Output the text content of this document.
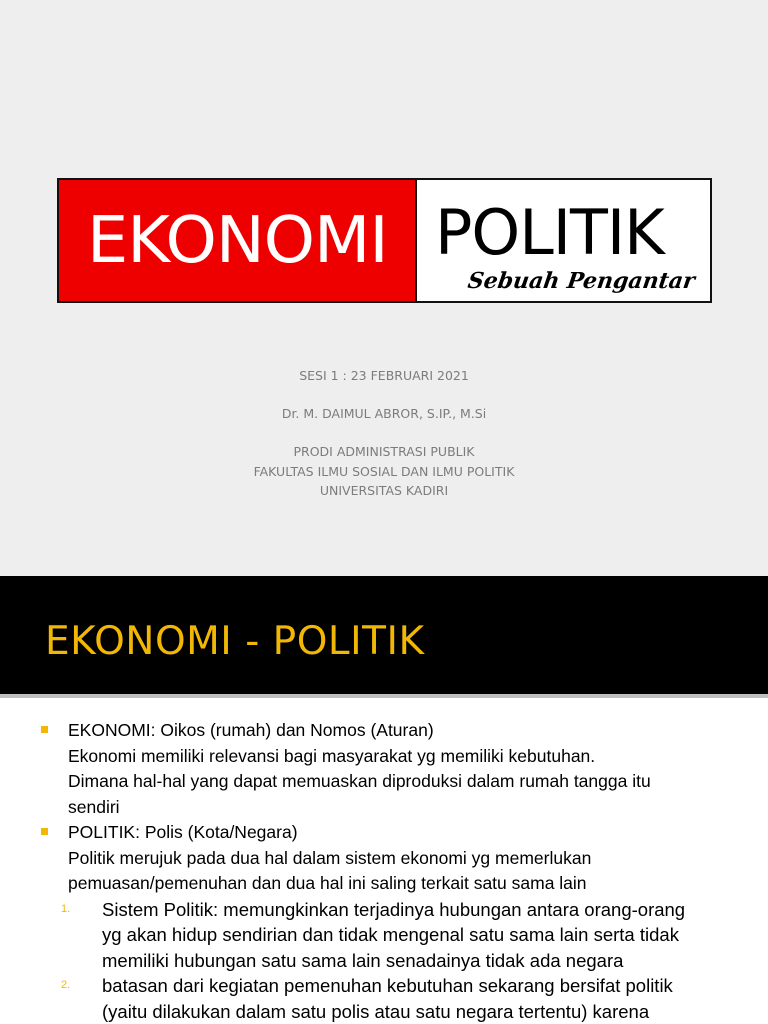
EKONOMI POLITIK
Sebuah Pengantar
SESI 1 : 23 FEBRUARI 2021
Dr. M. DAIMUL ABROR, S.IP., M.Si
PRODI ADMINISTRASI PUBLIK
FAKULTAS ILMU SOSIAL DAN ILMU POLITIK
UNIVERSITAS KADIRI
EKONOMI - POLITIK

EKONOMI: Oikos (rumah) dan Nomos (Aturan)

Ekonomi memiliki relevansi bagi masyarakat yg memiliki kebutuhan.

Dimana hal-hal yang dapat memuaskan diproduksi dalam rumah tangga itu

sendiri

POLITIK: Polis (Kota/Negara)

Politik merujuk pada dua hal dalam sistem ekonomi yg memerlukan

pemuasan/pemenuhan dan dua hal ini saling terkait satu sama lain

1. Sistem Politik: memungkinkan terjadinya hubungan antara orang-orang

yg akan hidup sendirian dan tidak mengenal satu sama lain serta tidak

memiliki hubungan satu sama lain senadainya tidak ada negara

2. batasan dari kegiatan pemenuhan kebutuhan sekarang bersifat politik

(yaitu dilakukan dalam satu polis atau satu negara tertentu) karena
